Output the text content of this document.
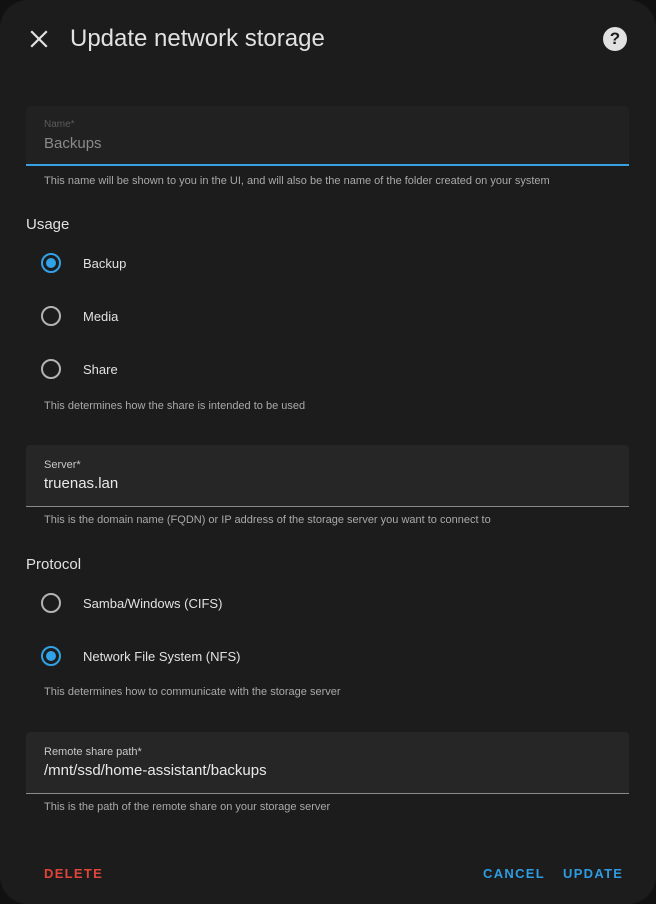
Update network storage	?
Name*
Backups
This name will be shown to you in the UI, and will also be the name of the folder created on your system
Usage
Backup
Media
Share
This determines how the share is intended to be used
Server*
truenas.lan
This is the domain name (FQDN) or IP address of the storage server you want to connect to
Protocol
Samba/Windows (CIFS)
Network File System (NFS)
This determines how to communicate with the storage server
Remote share path*
/mnt/ssd/home-assistant/backups
This is the path of the remote share on your storage server
DELETE	CANCEL UPDATE
